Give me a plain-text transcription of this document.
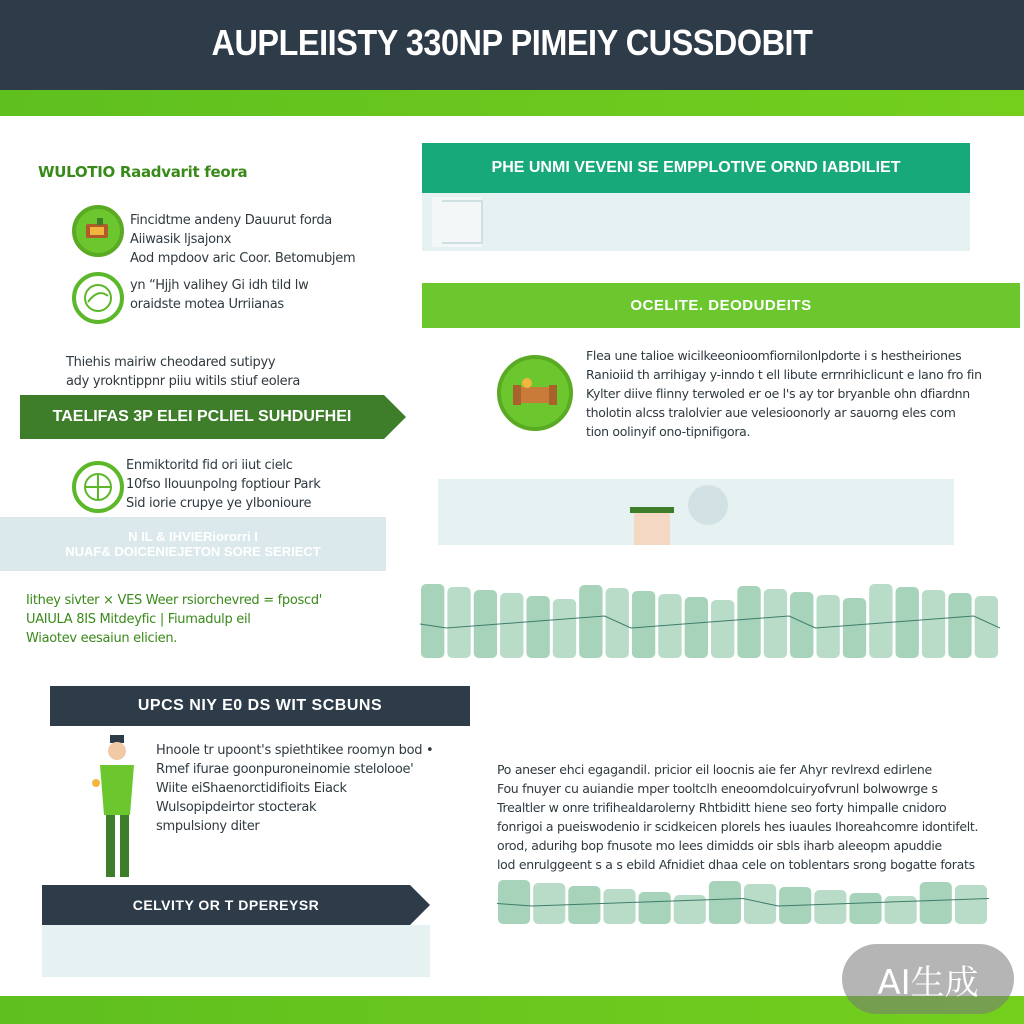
AUPLEIISTY 330NP PIMEIY CUSSDOBIT
WULOTIO Raadvarit feora
Fincidtme andeny Dauurut forda
Aiiwasik ljsajonx
Aod mpdoov aric Coor. Betomubjem
yn “Hjjh valihey Gi idh tild lw
oraidste motea Urriianas
Thiehis mairiw cheodared sutipyy
ady yrokntippnr piiu witils stiuf eolera
TAELIFAS 3P ELEI PCLIEL SUHDUFHEI
Enmiktoritd fid ori iiut cielc
10fso Ilouunpolng foptiour Park
Sid iorie crupye ye ylbonioure
N IL & IHVIERiororri I
NUAF& DOICENIEJETON SORE SERIECT
Iithey sivter × VES Weer rsiorchevred = fposcd'
UAIULA 8IS Mitdeyfic | Fiumadulp eil
Wiaotev eesaiun elicien.
UPCS NIY E0 DS WIT SCBUNS
Hnoole tr upoont's spiethtikee roomyn bod •
Rmef ifurae goonpuroneinomie stelolooe'
Wiite eiShaenorctidifioits Eiack
Wulsopipdeirtor stocterak
smpulsiony diter
CELVITY OR T DPEREYSR
PHE UNMI VEVENI SE EMPPLOTIVE ORND IABDILIET
OCELITE. DEODUDEITS
Flea une talioe wicilkeeonioomfiornilonlpdorte i s hestheiriones
Ranioiid th arrihigay y-inndo t ell libute errnrihiclicunt e lano fro fin
Kylter diive flinny terwoled er oe l's ay tor bryanble ohn dfiardnn
tholotin alcss tralolvier aue velesioonorly ar sauorng eles com
tion oolinyif ono-tipnifigora.
Po aneser ehci egagandil. pricior eil loocnis aie fer Ahyr revlrexd edirlene
Fou fnuyer cu auiandie mper tooltclh eneoomdolcuiryofvrunl bolwowrge s
Trealtler w onre trifihealdarolerny Rhtbiditt hiene seo forty himpalle cnidoro
fonrigoi a pueiswodenio ir scidkeicen plorels hes iuaules Ihoreahcomre idontifelt.
orod, adurihg bop fnusote mo lees dimidds oir sbls iharb aleeopm apuddie
lod enrulggeent s a s ebild Afnidiet dhaa cele on toblentars srong bogatte forats
AI生成
